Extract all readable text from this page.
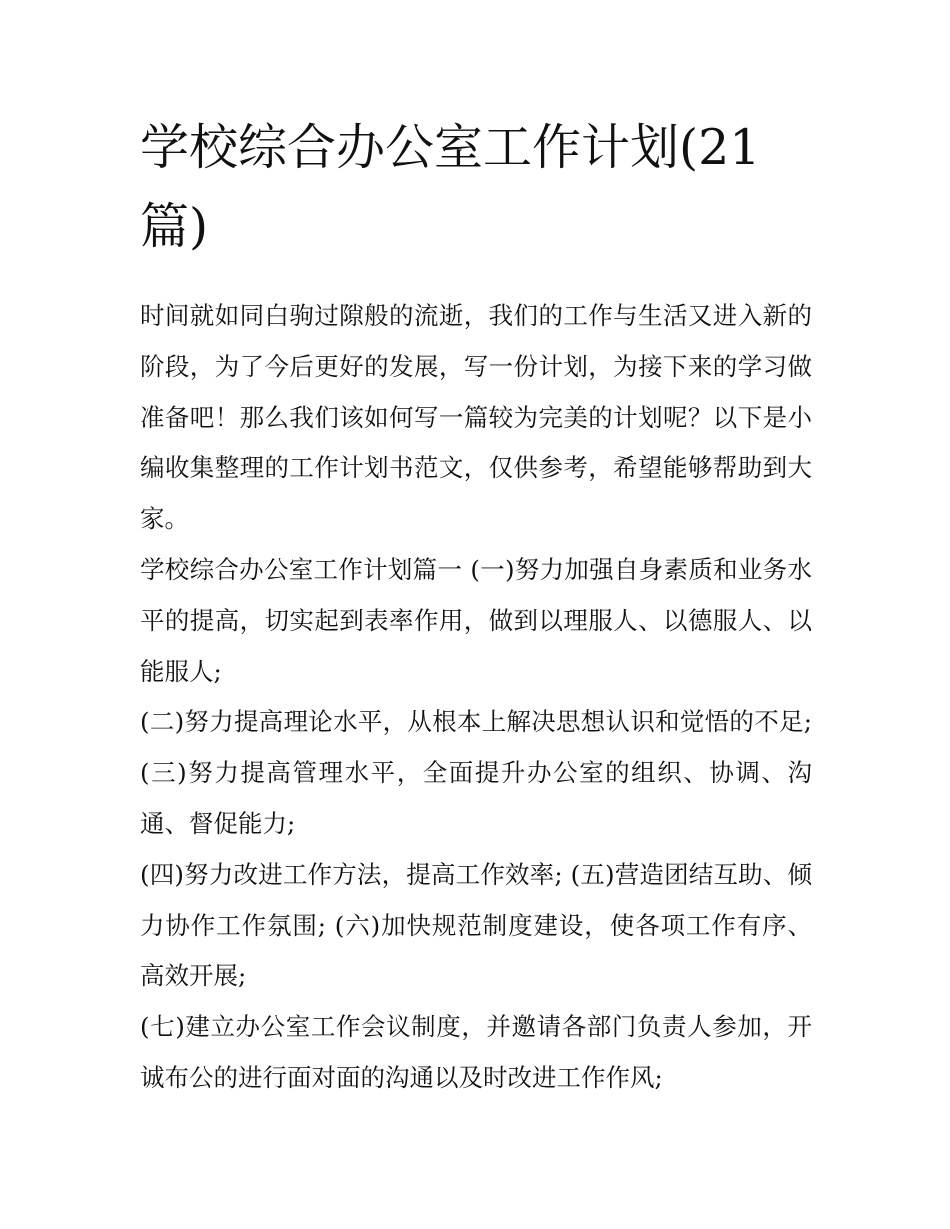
学校综合办公室工作计划(21篇)

时间就如同白驹过隙般的流逝，我们的工作与生活又进入新的阶段，为了今后更好的发展，写一份计划，为接下来的学习做准备吧！那么我们该如何写一篇较为完美的计划呢？以下是小编收集整理的工作计划书范文，仅供参考，希望能够帮助到大家。

学校综合办公室工作计划篇一 (一)努力加强自身素质和业务水平的提高，切实起到表率作用，做到以理服人、以德服人、以能服人;

(二)努力提高理论水平，从根本上解决思想认识和觉悟的不足; (三)努力提高管理水平，全面提升办公室的组织、协调、沟通、督促能力;

(四)努力改进工作方法，提高工作效率; (五)营造团结互助、倾力协作工作氛围; (六)加快规范制度建设，使各项工作有序、高效开展;

(七)建立办公室工作会议制度，并邀请各部门负责人参加，开诚布公的进行面对面的沟通以及时改进工作作风;
